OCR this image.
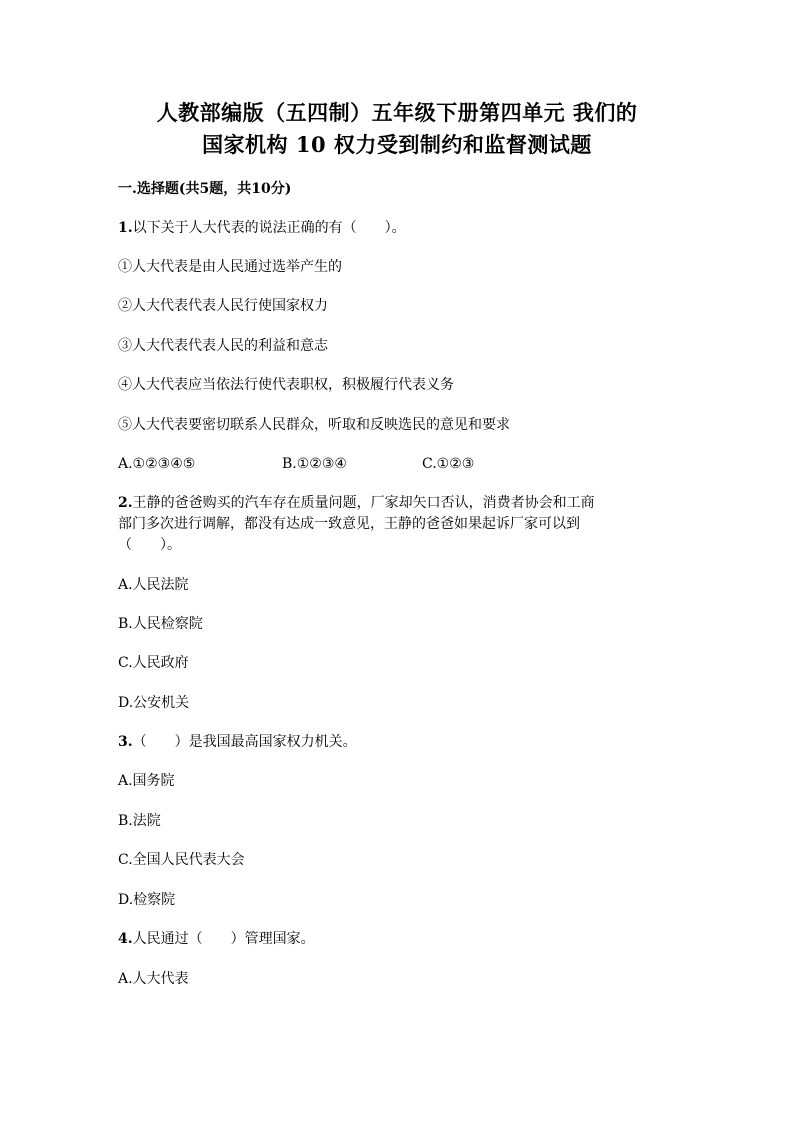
人教部编版（五四制）五年级下册第四单元 我们的
国家机构 10 权力受到制约和监督测试题
一.选择题(共5题，共10分)
1.以下关于人大代表的说法正确的有（　　）。
①人大代表是由人民通过选举产生的
②人大代表代表人民行使国家权力
③人大代表代表人民的利益和意志
④人大代表应当依法行使代表职权，积极履行代表义务
⑤人大代表要密切联系人民群众，听取和反映选民的意见和要求
A.①②③④⑤	B.①②③④	C.①②③
2.王静的爸爸购买的汽车存在质量问题，厂家却矢口否认，消费者协会和工商
部门多次进行调解，都没有达成一致意见，王静的爸爸如果起诉厂家可以到
（　　）。
A.人民法院
B.人民检察院
C.人民政府
D.公安机关
3.（　　）是我国最高国家权力机关。
A.国务院
B.法院
C.全国人民代表大会
D.检察院
4.人民通过（　　）管理国家。
A.人大代表
